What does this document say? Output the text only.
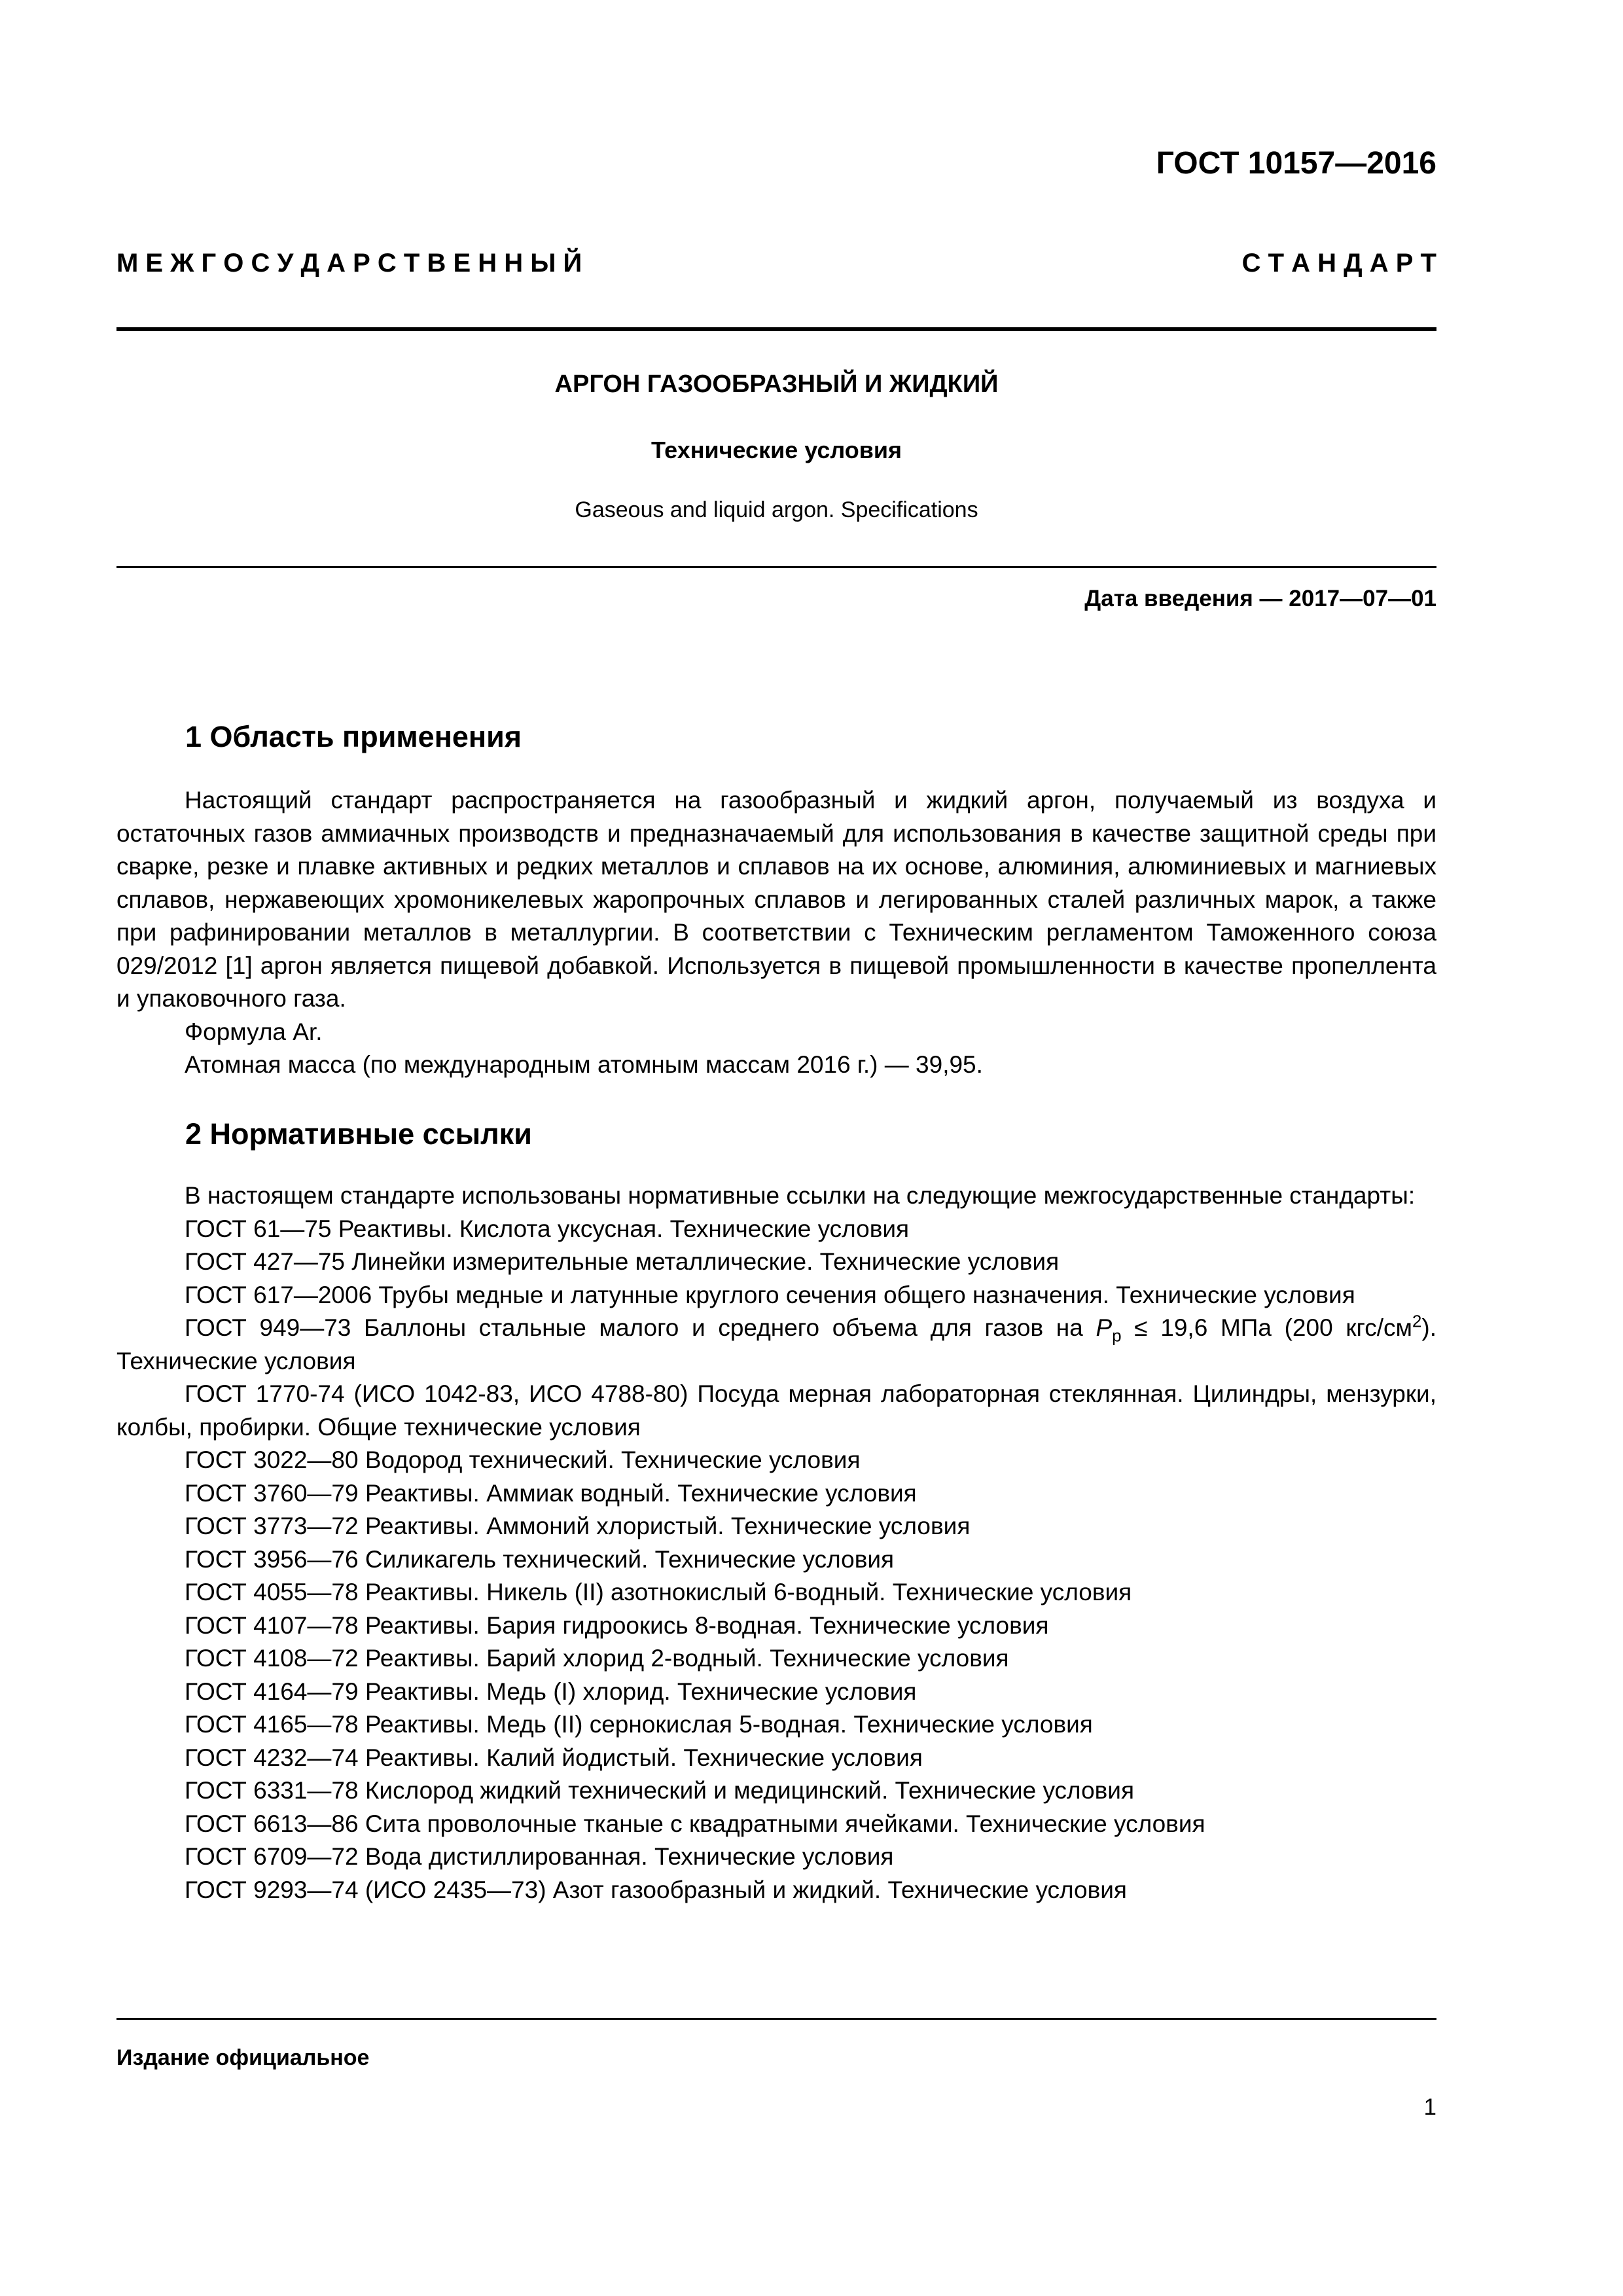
ГОСТ 10157—2016
М Е Ж Г О С У Д А Р С Т В Е Н Н Ы Й	С Т А Н Д А Р Т
АРГОН ГАЗООБРАЗНЫЙ И ЖИДКИЙ
Технические условия
Gaseous and liquid argon. Specifications
Дата введения — 2017—07—01
1 Область применения

Настоящий стандарт распространяется на газообразный и жидкий аргон, получаемый из воздуха и остаточных газов аммиачных производств и предназначаемый для использования в качестве защитной среды при сварке, резке и плавке активных и редких металлов и сплавов на их основе, алюминия, алюминиевых и магниевых сплавов, нержавеющих хромоникелевых жаропрочных сплавов и легированных сталей различных марок, а также при рафинировании металлов в металлургии. В соответствии с Техническим регламентом Таможенного союза 029/2012 [1] аргон является пищевой добавкой. Используется в пищевой промышленности в качестве пропеллента и упаковочного газа.

Формула Ar.

Атомная масса (по международным атомным массам 2016 г.) — 39,95.

2 Нормативные ссылки

В настоящем стандарте использованы нормативные ссылки на следующие межгосударственные стандарты:

ГОСТ 61—75 Реактивы. Кислота уксусная. Технические условия

ГОСТ 427—75 Линейки измерительные металлические. Технические условия

ГОСТ 617—2006 Трубы медные и латунные круглого сечения общего назначения. Технические условия

ГОСТ 949—73 Баллоны стальные малого и среднего объема для газов на $P_р \le 19,6$ МПа (200 кгс/$см^2$). Технические условия

ГОСТ 1770-74 (ИСО 1042-83, ИСО 4788-80) Посуда мерная лабораторная стеклянная. Цилиндры, мензурки, колбы, пробирки. Общие технические условия

ГОСТ 3022—80 Водород технический. Технические условия

ГОСТ 3760—79 Реактивы. Аммиак водный. Технические условия

ГОСТ 3773—72 Реактивы. Аммоний хлористый. Технические условия

ГОСТ 3956—76 Силикагель технический. Технические условия

ГОСТ 4055—78 Реактивы. Никель (II) азотнокислый 6-водный. Технические условия

ГОСТ 4107—78 Реактивы. Бария гидроокись 8-водная. Технические условия

ГОСТ 4108—72 Реактивы. Барий хлорид 2-водный. Технические условия

ГОСТ 4164—79 Реактивы. Медь (I) хлорид. Технические условия

ГОСТ 4165—78 Реактивы. Медь (II) сернокислая 5-водная. Технические условия

ГОСТ 4232—74 Реактивы. Калий йодистый. Технические условия

ГОСТ 6331—78 Кислород жидкий технический и медицинский. Технические условия

ГОСТ 6613—86 Сита проволочные тканые с квадратными ячейками. Технические условия

ГОСТ 6709—72 Вода дистиллированная. Технические условия

ГОСТ 9293—74 (ИСО 2435—73) Азот газообразный и жидкий. Технические условия

Издание официальное
1
